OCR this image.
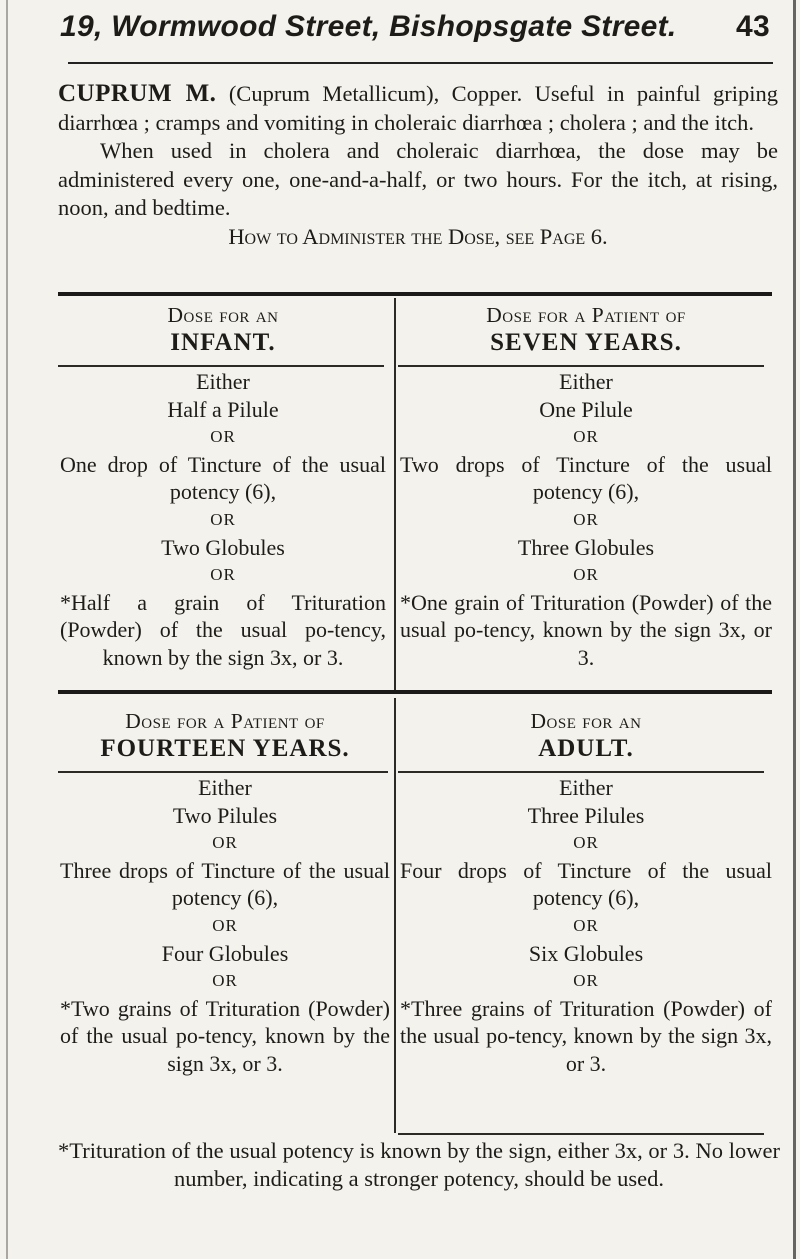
19, Wormwood Street, Bishopsgate Street. 43

CUPRUM M. (Cuprum Metallicum), Copper. Useful in painful griping diarrhœa ; cramps and vomiting in choleraic diarrhœa ; cholera ; and the itch.

When used in cholera and choleraic diarrhœa, the dose may be administered every one, one-and-a-half, or two hours. For the itch, at rising, noon, and bedtime.

How to Administer the Dose, see Page 6.

Dose for an
INFANT.
Either
Half a Pilule
OR
One drop of Tincture of the usual potency (6),
OR
Two Globules
OR
*Half a grain of Trituration (Powder) of the usual po-tency, known by the sign 3x, or 3.
Dose for a Patient of
SEVEN YEARS.
Either
One Pilule
OR
Two drops of Tincture of the usual potency (6),
OR
Three Globules
OR
*One grain of Trituration (Powder) of the usual po-tency, known by the sign 3x, or 3.
Dose for a Patient of
FOURTEEN YEARS.
Either
Two Pilules
OR
Three drops of Tincture of the usual potency (6),
OR
Four Globules
OR
*Two grains of Trituration (Powder) of the usual po-tency, known by the sign 3x, or 3.
Dose for an
ADULT.
Either
Three Pilules
OR
Four drops of Tincture of the usual potency (6),
OR
Six Globules
OR
*Three grains of Trituration (Powder) of the usual po-tency, known by the sign 3x, or 3.
*Trituration of the usual potency is known by the sign, either 3x, or 3. No lower number, indicating a stronger potency, should be used.
